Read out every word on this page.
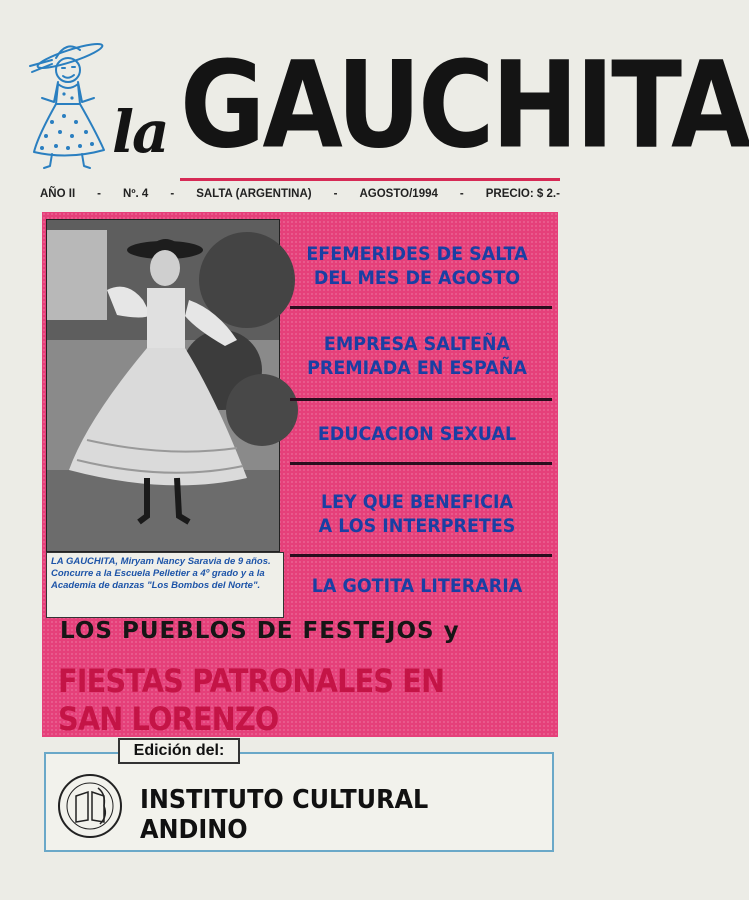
la GAUCHITA
AÑO II - Nº. 4 - SALTA (ARGENTINA) - AGOSTO/1994 - PRECIO: $ 2.-
LA GAUCHITA, Miryam Nancy Saravia de 9 años. Concurre a la Escuela Pelletier a 4º grado y a la Academia de danzas "Los Bombos del Norte".
EFEMERIDES DE SALTA
DEL MES DE AGOSTO
EMPRESA SALTEÑA
PREMIADA EN ESPAÑA
EDUCACION SEXUAL
LEY QUE BENEFICIA
A LOS INTERPRETES
LA GOTITA LITERARIA
LOS PUEBLOS DE FESTEJOS y
FIESTAS PATRONALES EN SAN LORENZO
Edición del:
INSTITUTO CULTURAL ANDINO
